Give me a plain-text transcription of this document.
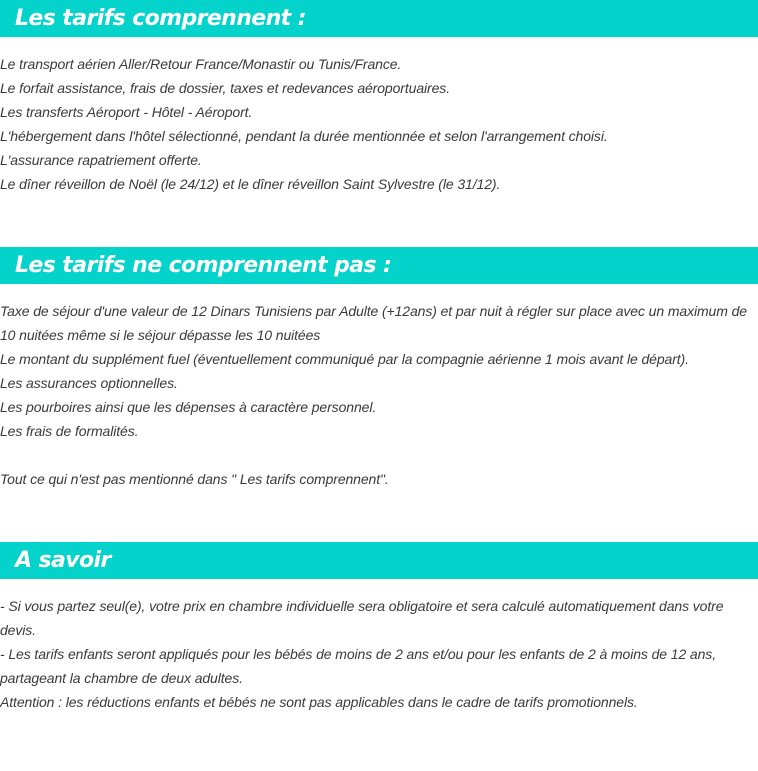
Les tarifs comprennent :

Le transport aérien Aller/Retour France/Monastir ou Tunis/France.

Le forfait assistance, frais de dossier, taxes et redevances aéroportuaires.

Les transferts Aéroport - Hôtel - Aéroport.

L'hébergement dans l'hôtel sélectionné, pendant la durée mentionnée et selon l'arrangement choisi.

L'assurance rapatriement offerte.

Le dîner réveillon de Noël (le 24/12) et le dîner réveillon Saint Sylvestre (le 31/12).

Les tarifs ne comprennent pas :

Taxe de séjour d'une valeur de 12 Dinars Tunisiens par Adulte (+12ans) et par nuit à régler sur place avec un maximum de 10 nuitées même si le séjour dépasse les 10 nuitées

Le montant du supplément fuel (éventuellement communiqué par la compagnie aérienne 1 mois avant le départ).

Les assurances optionnelles.

Les pourboires ainsi que les dépenses à caractère personnel.

Les frais de formalités.

Tout ce qui n'est pas mentionné dans " Les tarifs comprennent".

A savoir

- Si vous partez seul(e), votre prix en chambre individuelle sera obligatoire et sera calculé automatiquement dans votre devis.

- Les tarifs enfants seront appliqués pour les bébés de moins de 2 ans et/ou pour les enfants de 2 à moins de 12 ans, partageant la chambre de deux adultes.

Attention : les réductions enfants et bébés ne sont pas applicables dans le cadre de tarifs promotionnels.
